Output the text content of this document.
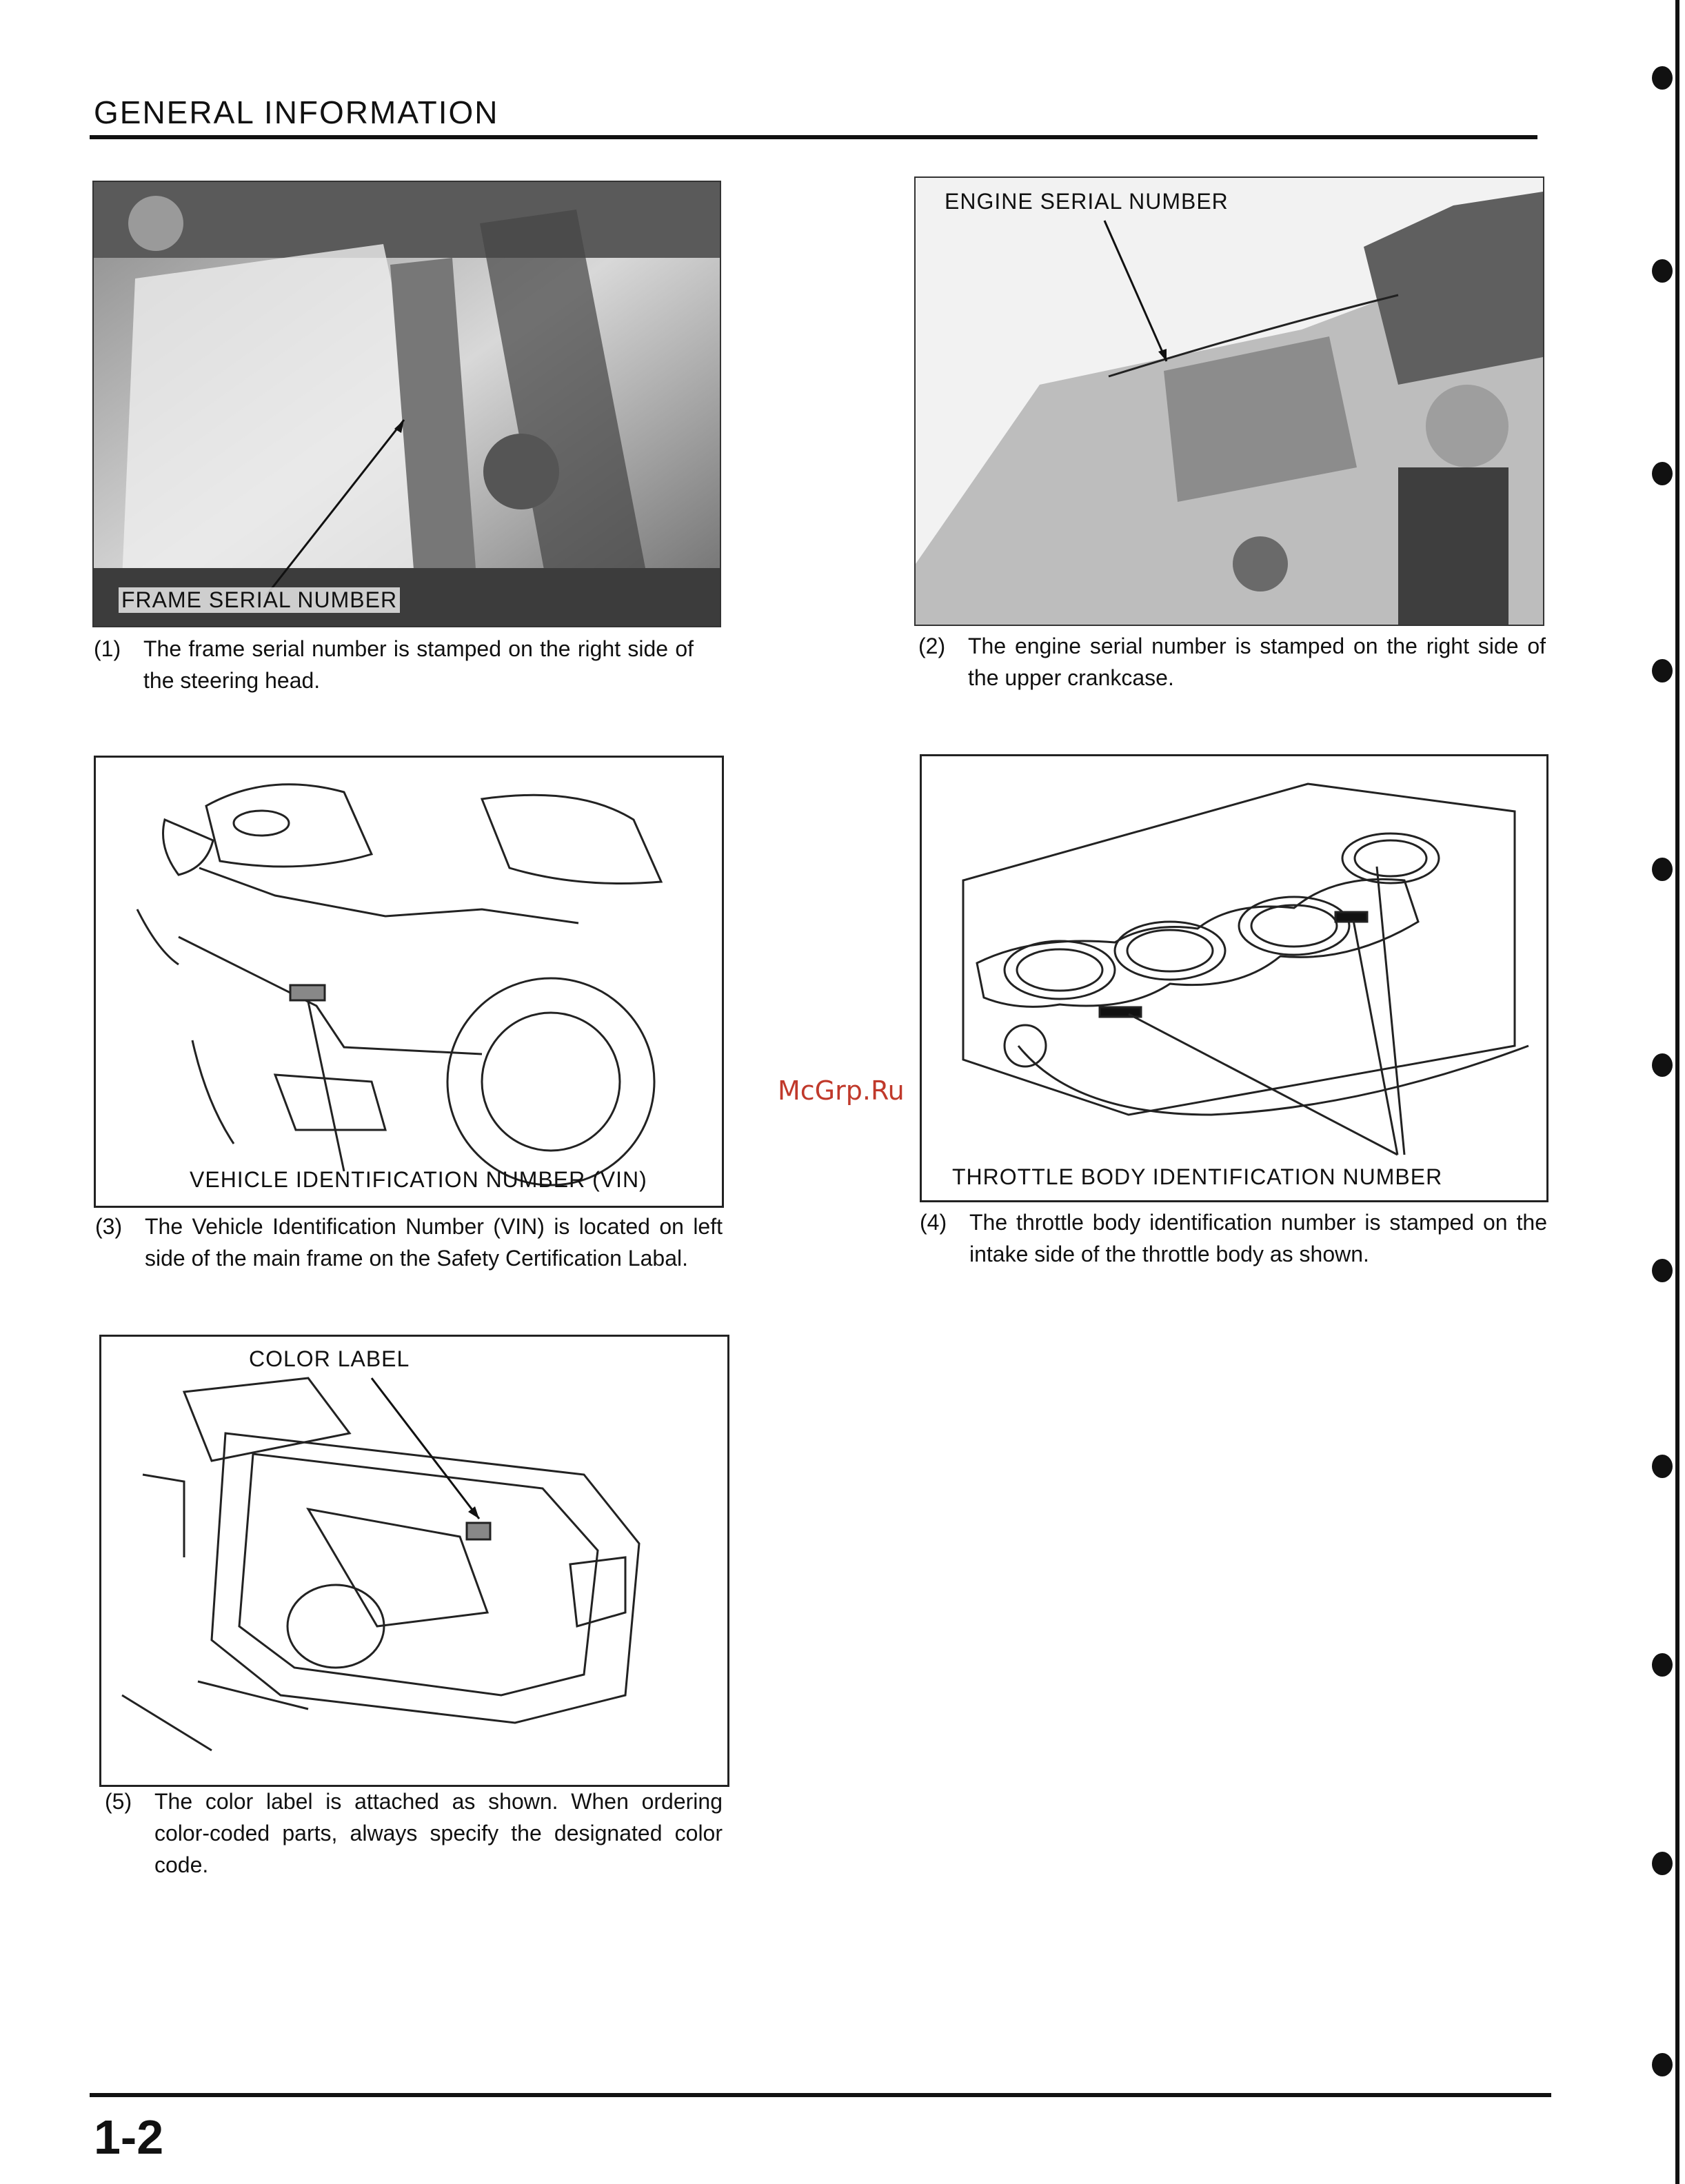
GENERAL INFORMATION
FRAME SERIAL NUMBER
(1) The frame serial number is stamped on the right side of the steering head.
ENGINE SERIAL NUMBER
(2) The engine serial number is stamped on the right side of the upper crankcase.
VEHICLE IDENTIFICATION NUMBER (VIN)
(3) The Vehicle Identification Number (VIN) is located on left side of the main frame on the Safety Certification Labal.
THROTTLE BODY IDENTIFICATION NUMBER
(4) The throttle body identification number is stamped on the intake side of the throttle body as shown.
COLOR LABEL
(5) The color label is attached as shown. When ordering color-coded parts, always specify the designated color code.
McGrp.Ru
1-2
